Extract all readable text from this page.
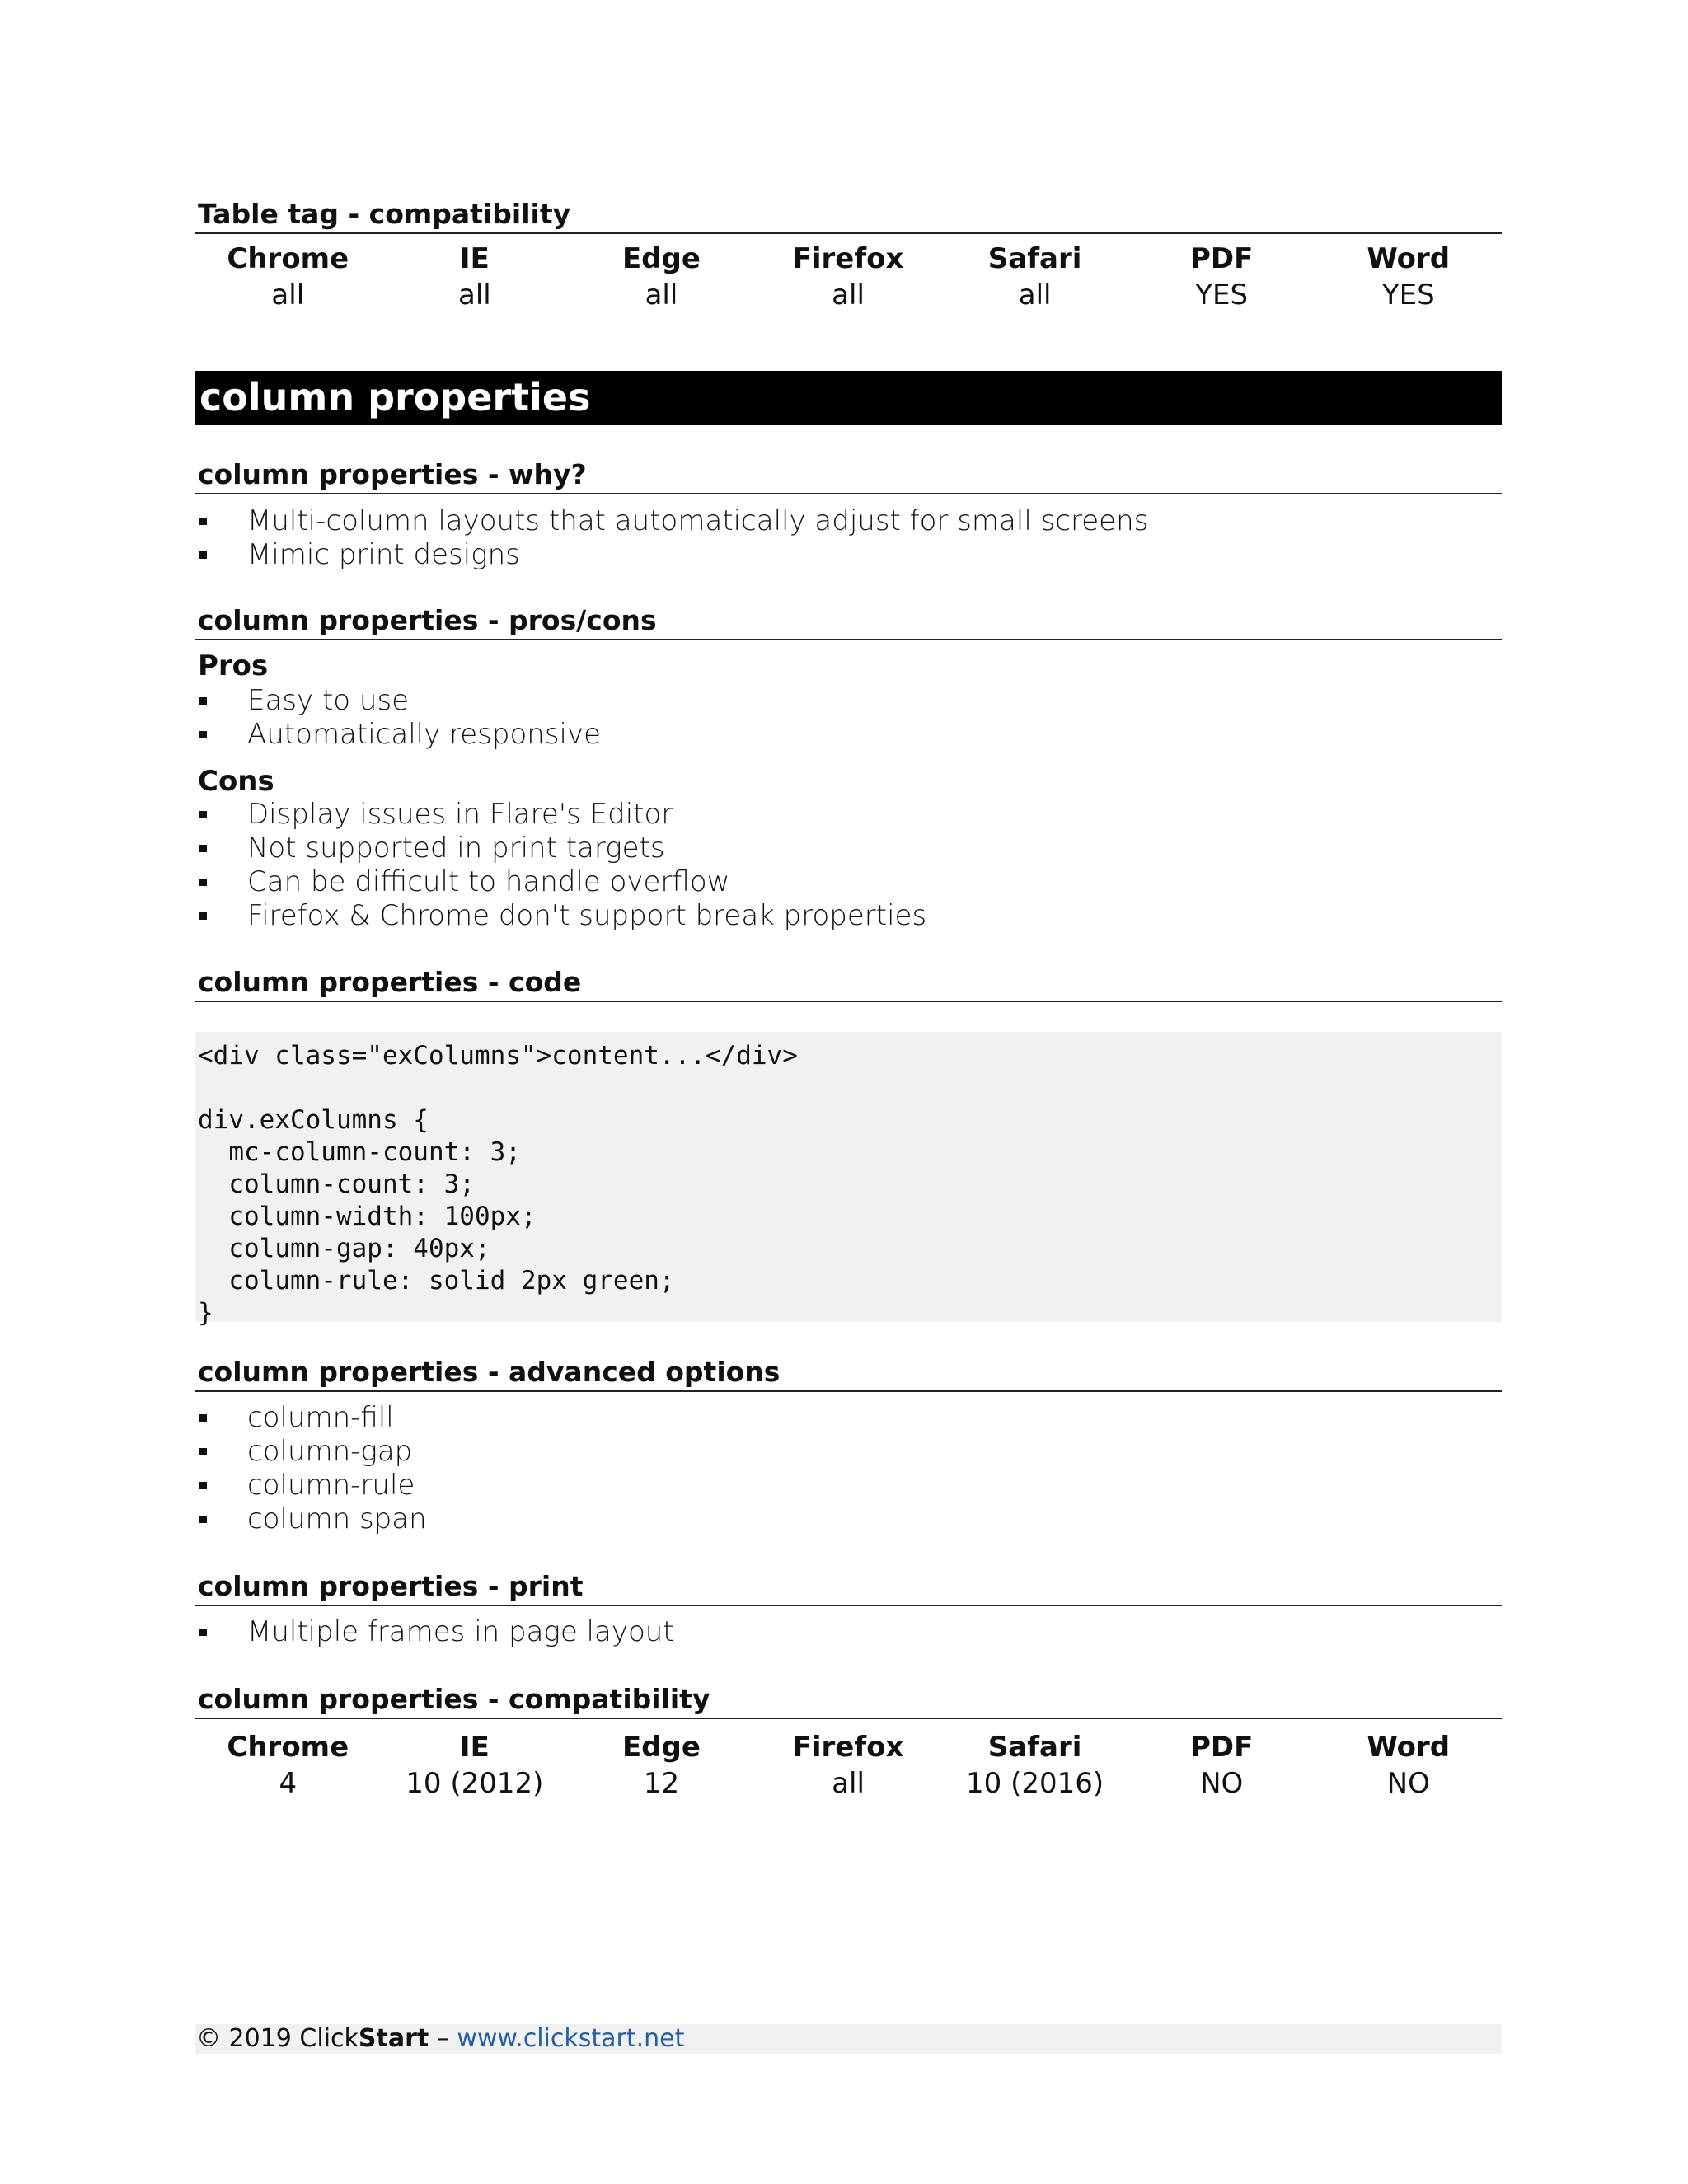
Table tag - compatibility
Chrome
all
IE
all
Edge
all
Firefox
all
Safari
all
PDF
YES
Word
YES
column properties
column properties - why?
Multi-column layouts that automatically adjust for small screens
Mimic print designs
column properties - pros/cons
Pros
Easy to use
Automatically responsive
Cons
Display issues in Flare's Editor
Not supported in print targets
Can be difficult to handle overflow
Firefox & Chrome don't support break properties
column properties - code
<div class="exColumns">content...</div>

div.exColumns {
mc-column-count: 3;
column-count: 3;
column-width: 100px;
column-gap: 40px;
column-rule: solid 2px green;
}
column properties - advanced options
column-fill
column-gap
column-rule
column span
column properties - print
Multiple frames in page layout
column properties - compatibility
Chrome
4
IE
10 (2012)
Edge
12
Firefox
all
Safari
10 (2016)
PDF
NO
Word
NO
© 2019 ClickStart – www.clickstart.net
